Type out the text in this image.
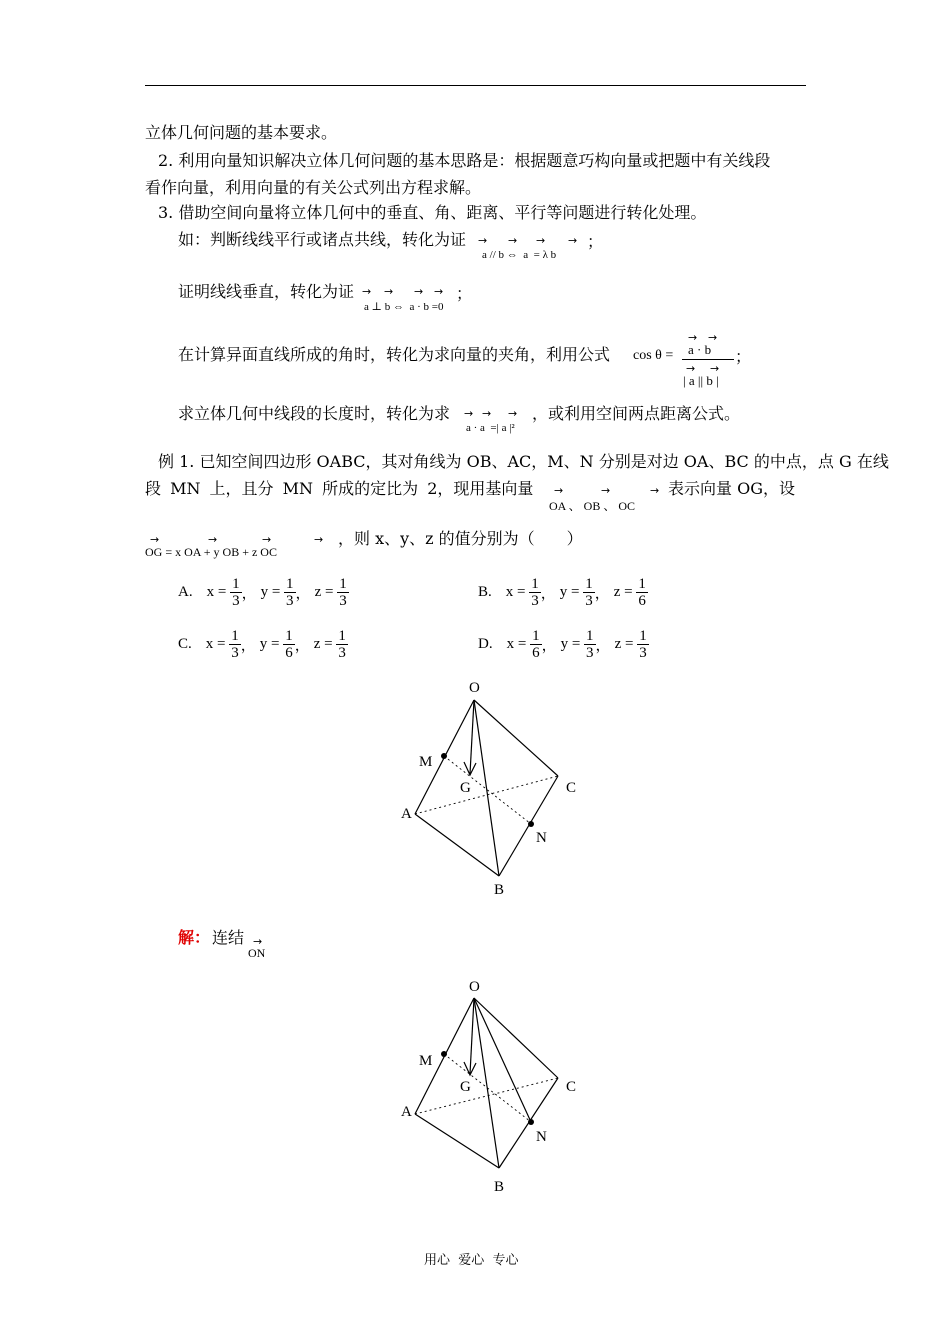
立体几何问题的基本要求。
2. 利用向量知识解决立体几何问题的基本思路是：根据题意巧构向量或把题中有关线段
看作向量，利用向量的有关公式列出方程求解。
3. 借助空间向量将立体几何中的垂直、角、距离、平行等问题进行转化处理。
如：判断线线平行或诸点共线，转化为证 → → → →
a // b ⇔  a  = λ b
；
证明线线垂直，转化为证 → → → →
a ⊥ b ⇔  a · b =0
；
在计算异面直线所成的角时，转化为求向量的夹角，利用公式 cos θ =
→ →
a · b
→ →
| a || b |
；
求立体几何中线段的长度时，转化为求 → → →
a · a  =| a |²
，或利用空间两点距离公式。
例 1. 已知空间四边形 OABC，其对角线为 OB、AC，M、N 分别是对边 OA、BC 的中点，点 G 在线
段 MN 上，且分 MN 所成的定比为 2，现用基向量 →	→	→
OA 、 OB 、 OC
表示向量 OG，设
→	→	→	→
OG = x OA + y OB + z OC
，则 x、y、z 的值分别为（　　）
A. $x = \frac{1}{3}$ ， $y = \frac{1}{3}$ ， $z = \frac{1}{3}$	B. $x = \frac{1}{3}$ ， $y = \frac{1}{3}$ ， $z = \frac{1}{6}$
C. $x = \frac{1}{3}$ ， $y = \frac{1}{6}$ ， $z = \frac{1}{3}$	D. $x = \frac{1}{6}$ ， $y = \frac{1}{3}$ ， $z = \frac{1}{3}$
O
M
G	C
A
N
B
解： 连结 →
ON
O
M
G	C
A
N
B
用心  爱心  专心
